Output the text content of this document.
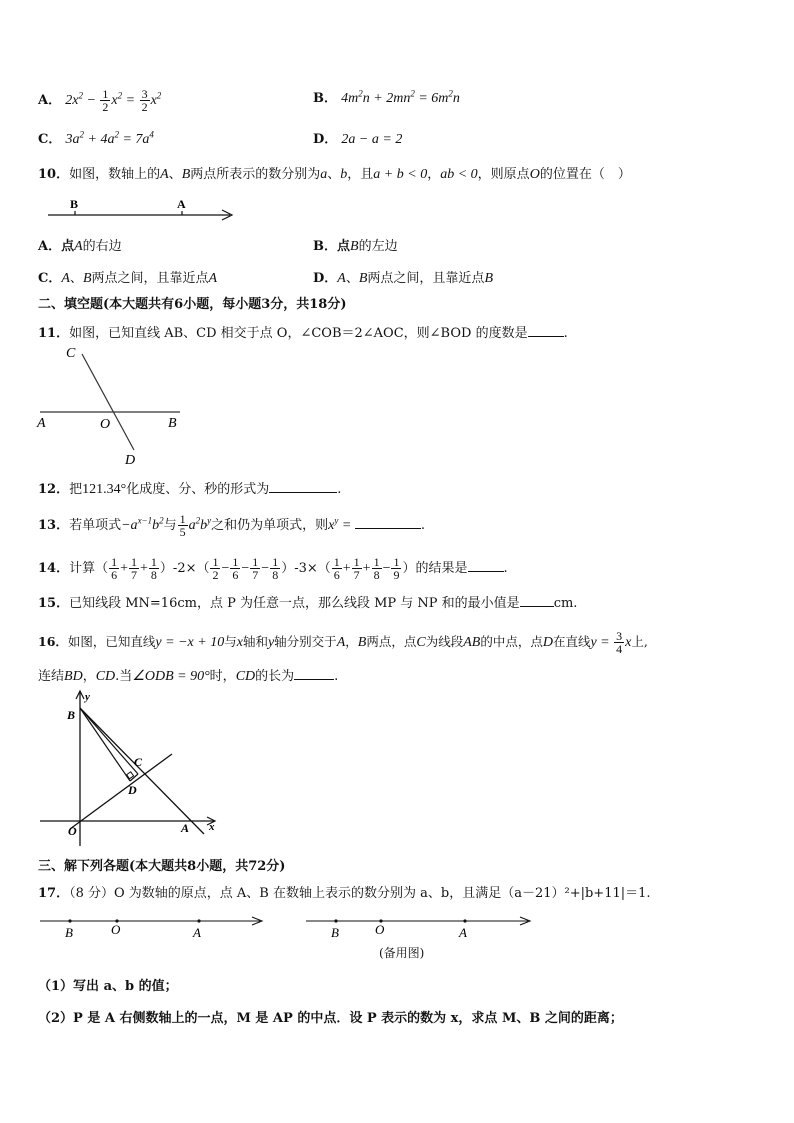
A． $2x^2 - \frac{1}{2} x^2 = \frac{3}{2} x^2$	B． $4m^2n + 2mn^2 = 6m^2n$
C． $3a^2 + 4a^2 = 7a^4$	D． 2a − a = 2
10．如图，数轴上的A、B两点所表示的数分别为a、b，且a + b < 0，ab < 0，则原点O的位置在（　）
B	A
A．点A的右边	B．点B的左边
C．A、B两点之间，且靠近点A	D．A、B两点之间，且靠近点B
二、填空题(本大题共有6小题，每小题3分，共18分)
11．如图，已知直线 AB、CD 相交于点 O，∠COB＝2∠AOC，则∠BOD 的度数是	.
C
A	O	B
D
12．把121.34°化成度、分、秒的形式为	.
13．若单项式$-a^{x-1}b^2$与 $\frac{1}{5} a^2b^y$之和仍为单项式，则$x^y$ =	.
14．计算（ $\frac{1}{6} + \frac{1}{7} + \frac{1}{8} )-2\times( \frac{1}{2} - \frac{1}{6} - \frac{1}{7} - \frac{1}{8} )-3\times( \frac{1}{6} + \frac{1}{7} + \frac{1}{8} - \frac{1}{9}$ ）的结果是	.
15．已知线段 MN=16cm，点 P 为任意一点，那么线段 MP 与 NP 和的最小值是	cm.
16．如图，已知直线y = −x + 10与x轴和y轴分别交于A，B两点，点C为线段AB的中点，点D在直线$y = \frac{3}{4}$ x上,
连结BD，CD.当∠ODB = 90°时，CD的长为	.
y
B
C
D
O	A x
三、解下列各题(本大题共8小题，共72分)
17．（8 分）O 为数轴的原点，点 A、B 在数轴上表示的数分别为 a、b，且满足（a－21）²+|b+11|＝1.
B	O	A	B	O	A
(备用图)
（1）写出 a、b 的值；
（2）P 是 A 右侧数轴上的一点，M 是 AP 的中点．设 P 表示的数为 x，求点 M、B 之间的距离；
